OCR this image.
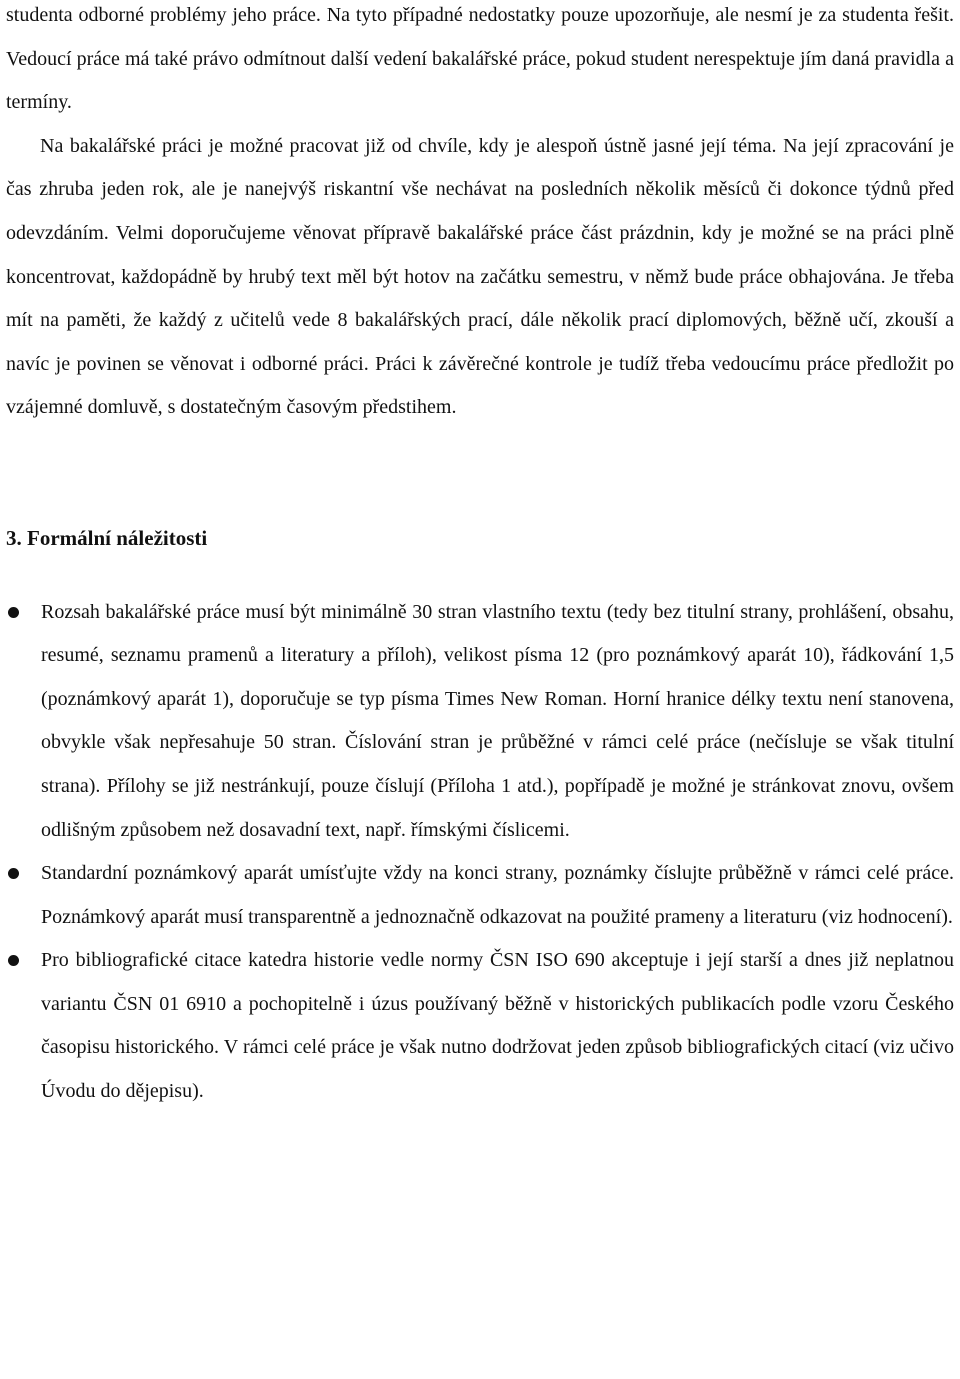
studenta odborné problémy jeho práce. Na tyto případné nedostatky pouze upozorňuje, ale nesmí je za studenta řešit. Vedoucí práce má také právo odmítnout další vedení bakalářské práce, pokud student nerespektuje jím daná pravidla a termíny.

Na bakalářské práci je možné pracovat již od chvíle, kdy je alespoň ústně jasné její téma. Na její zpracování je čas zhruba jeden rok, ale je nanejvýš riskantní vše nechávat na posledních několik měsíců či dokonce týdnů před odevzdáním. Velmi doporučujeme věnovat přípravě bakalářské práce část prázdnin, kdy je možné se na práci plně koncentrovat, každopádně by hrubý text měl být hotov na začátku semestru, v němž bude práce obhajována. Je třeba mít na paměti, že každý z učitelů vede 8 bakalářských prací, dále několik prací diplomových, běžně učí, zkouší a navíc je povinen se věnovat i odborné práci. Práci k závěrečné kontrole je tudíž třeba vedoucímu práce předložit po vzájemné domluvě, s dostatečným časovým předstihem.

3. Formální náležitosti
Rozsah bakalářské práce musí být minimálně 30 stran vlastního textu (tedy bez titulní strany, prohlášení, obsahu, resumé, seznamu pramenů a literatury a příloh), velikost písma 12 (pro poznámkový aparát 10), řádkování 1,5 (poznámkový aparát 1), doporučuje se typ písma Times New Roman. Horní hranice délky textu není stanovena, obvykle však nepřesahuje 50 stran. Číslování stran je průběžné v rámci celé práce (nečísluje se však titulní strana). Přílohy se již nestránkují, pouze číslují (Příloha 1 atd.), popřípadě je možné je stránkovat znovu, ovšem odlišným způsobem než dosavadní text, např. římskými číslicemi.
Standardní poznámkový aparát umísťujte vždy na konci strany, poznámky číslujte průběžně v rámci celé práce. Poznámkový aparát musí transparentně a jednoznačně odkazovat na použité prameny a literaturu (viz hodnocení).
Pro bibliografické citace katedra historie vedle normy ČSN ISO 690 akceptuje i její starší a dnes již neplatnou variantu ČSN 01 6910 a pochopitelně i úzus používaný běžně v historických publikacích podle vzoru Českého časopisu historického. V rámci celé práce je však nutno dodržovat jeden způsob bibliografických citací (viz učivo Úvodu do dějepisu).
